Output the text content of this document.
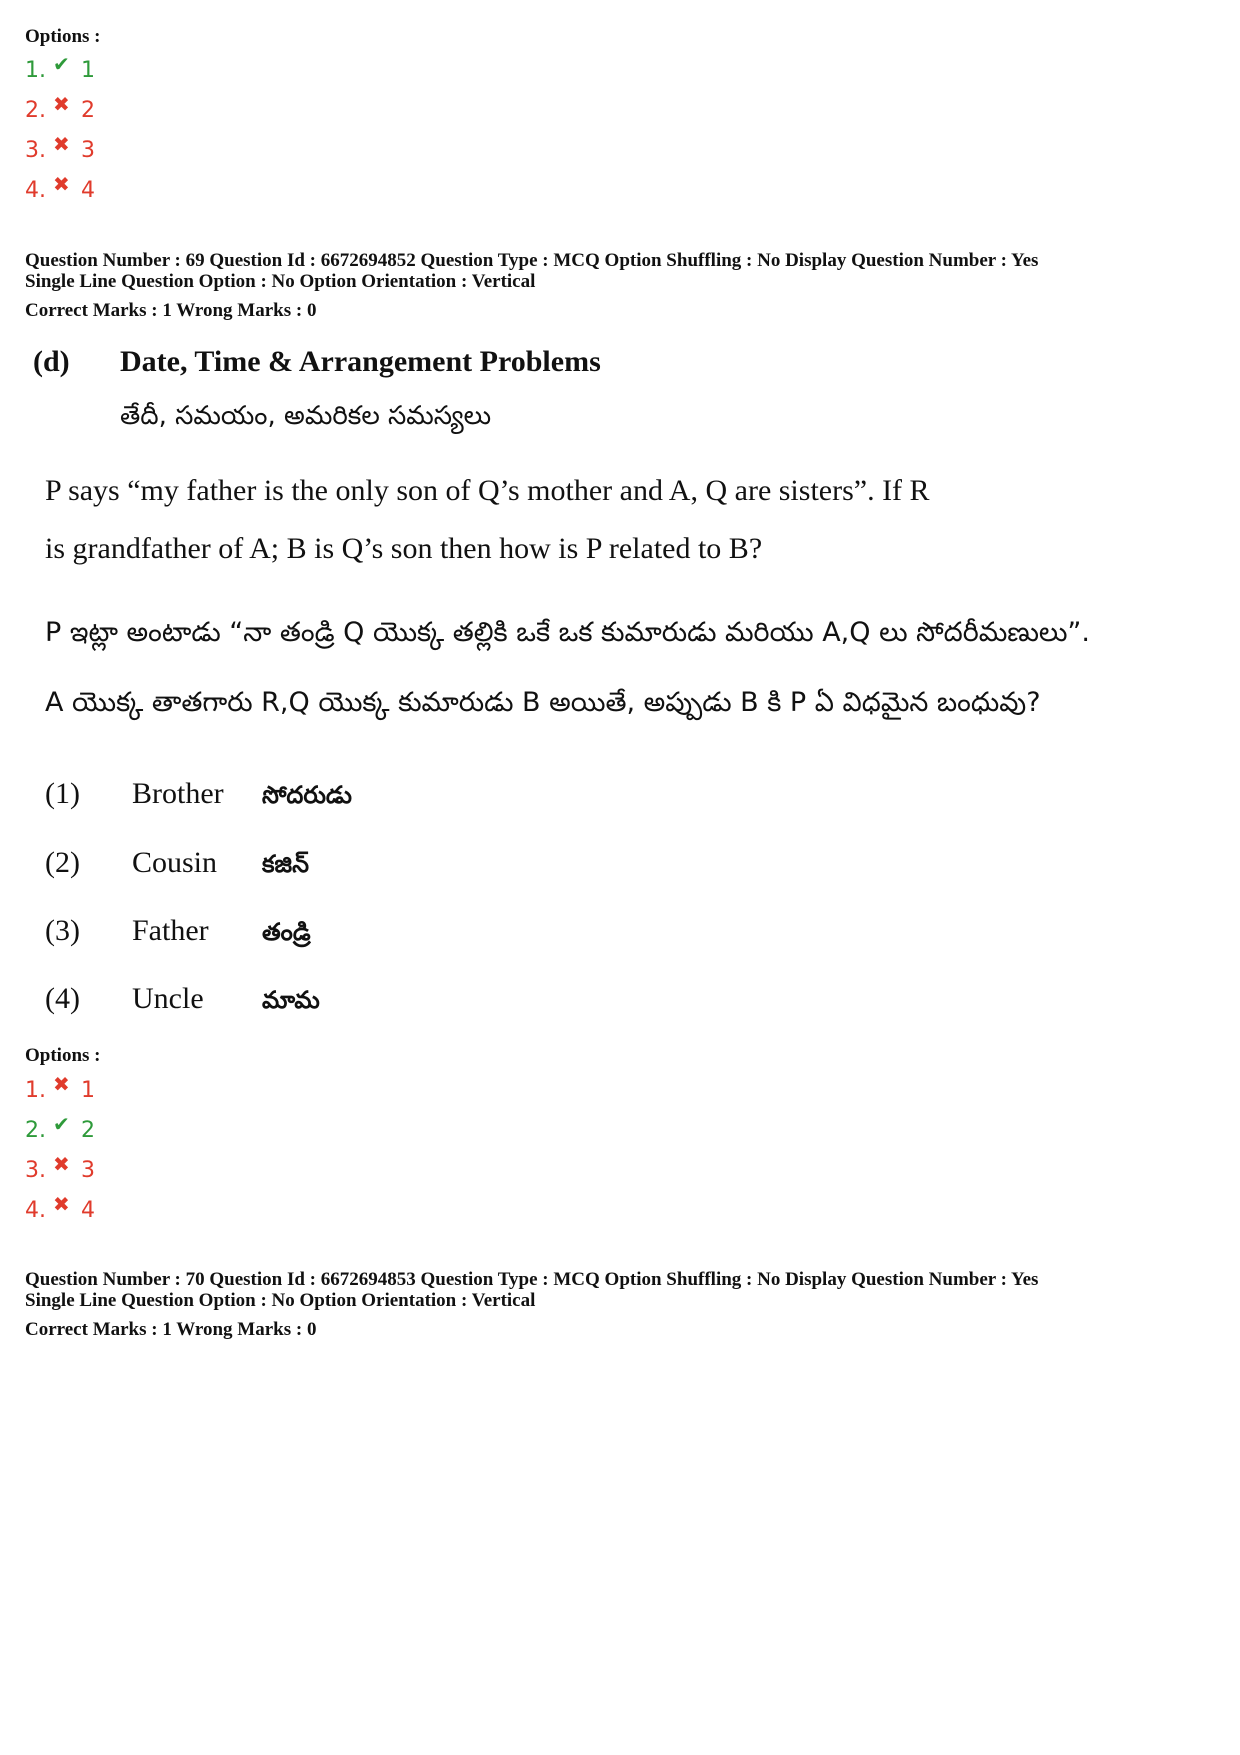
Options :
1. ✔ 1
2. ✖ 2
3. ✖ 3
4. ✖ 4
Question Number : 69 Question Id : 6672694852 Question Type : MCQ Option Shuffling : No Display Question Number : Yes
Single Line Question Option : No Option Orientation : Vertical
Correct Marks : 1 Wrong Marks : 0
(d) Date, Time & Arrangement Problems
తేదీ, సమయం, అమరికల సమస్యలు
P says “my father is the only son of Q’s mother and A, Q are sisters”. If R
is grandfather of A; B is Q’s son then how is P related to B?
P ఇట్లా అంటాడు “నా తండ్రి Q యొక్క తల్లికి ఒకే ఒక కుమారుడు మరియు A,Q లు సోదరీమణులు”.
A యొక్క తాతగారు R,Q యొక్క కుమారుడు B అయితే, అప్పుడు B కి P ఏ విధమైన బంధువు?
(1)	Brother	సోదరుడు
(2)	Cousin	కజిన్
(3)	Father	తండ్రి
(4)	Uncle	మామ
Options :
1. ✖ 1
2. ✔ 2
3. ✖ 3
4. ✖ 4
Question Number : 70 Question Id : 6672694853 Question Type : MCQ Option Shuffling : No Display Question Number : Yes
Single Line Question Option : No Option Orientation : Vertical
Correct Marks : 1 Wrong Marks : 0
